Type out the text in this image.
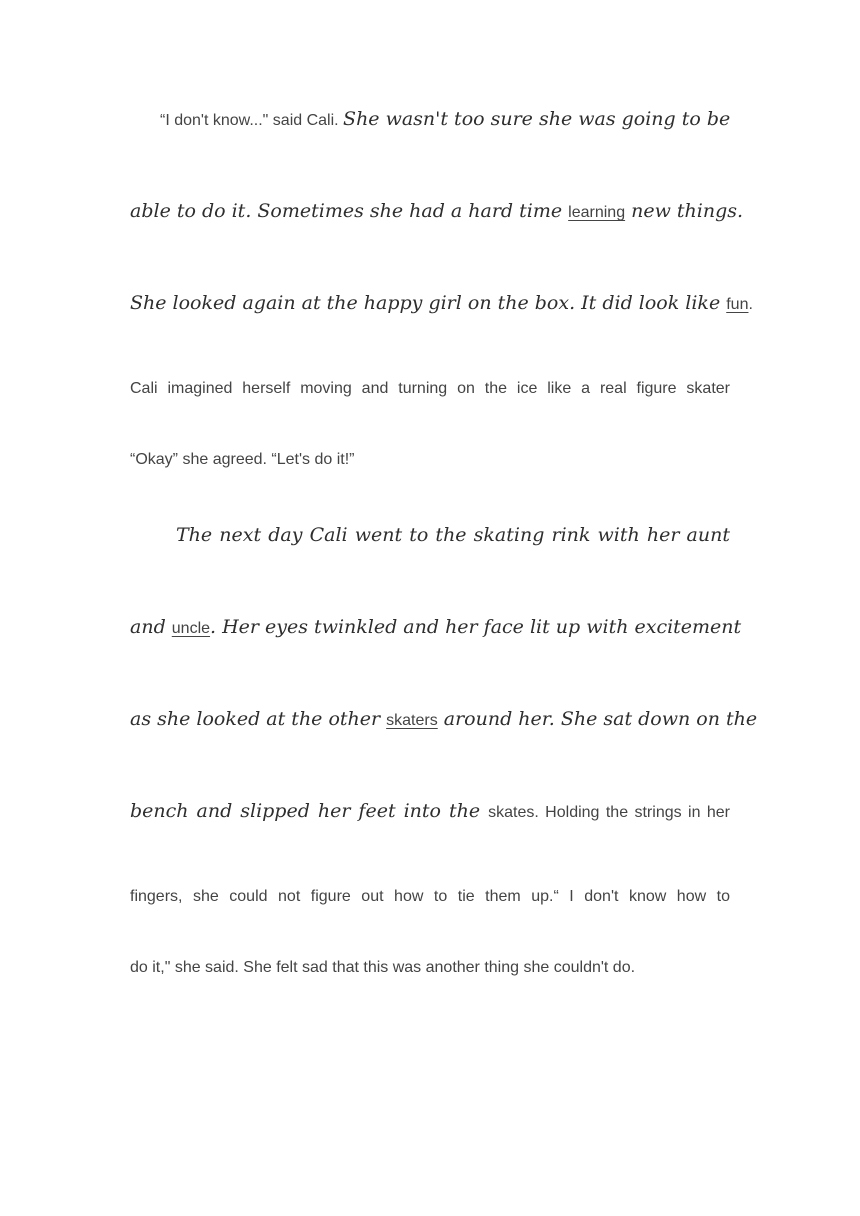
“I don't know..." said Cali. She wasn't too sure she was going to be
able to do it. Sometimes she had a hard time learning new things.
She looked again at the happy girl on the box. It did look like fun.
Cali imagined herself moving and turning on the ice like a real figure skater
“Okay” she agreed. “Let's do it!”
The next day Cali went to the skating rink with her aunt
and uncle. Her eyes twinkled and her face lit up with excitement
as she looked at the other skaters around her. She sat down on the
bench and slipped her feet into the skates. Holding the strings in her
fingers, she could not figure out how to tie them up.“ I don't know how to
do it," she said. She felt sad that this was another thing she couldn't do.
